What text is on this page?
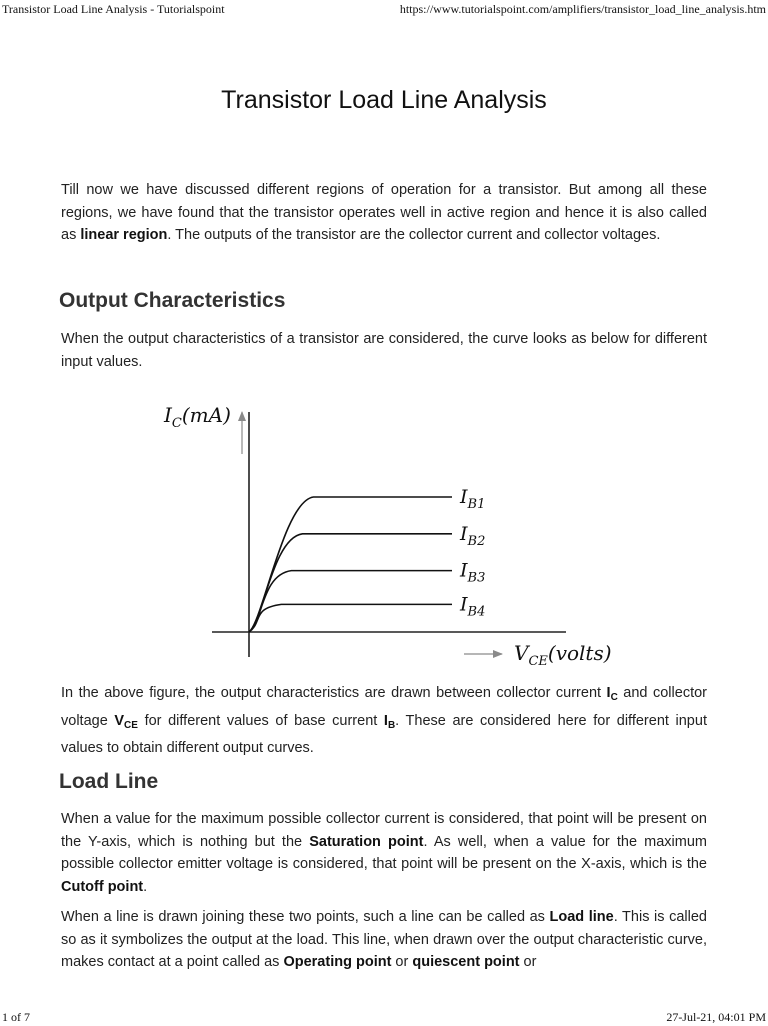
Transistor Load Line Analysis - Tutorialspoint	https://www.tutorialspoint.com/amplifiers/transistor_load_line_analysis.htm
Transistor Load Line Analysis

Till now we have discussed different regions of operation for a transistor. But among all these regions, we have found that the transistor operates well in active region and hence it is also called as linear region. The outputs of the transistor are the collector current and collector voltages.

Output Characteristics

When the output characteristics of a transistor are considered, the curve looks as below for different input values.

$I_C(mA)$
$V_{CE}(volts)$
$I_{B1}$
$I_{B2}$
$I_{B3}$
$I_{B4}$

In the above figure, the output characteristics are drawn between collector current $I_C$ and collector voltage $V_{CE}$ for different values of base current $I_B$. These are considered here for different input values to obtain different output curves.

Load Line

When a value for the maximum possible collector current is considered, that point will be present on the Y-axis, which is nothing but the Saturation point. As well, when a value for the maximum possible collector emitter voltage is considered, that point will be present on the X-axis, which is the Cutoff point.

When a line is drawn joining these two points, such a line can be called as Load line. This is called so as it symbolizes the output at the load. This line, when drawn over the output characteristic curve, makes contact at a point called as Operating point or quiescent point or

1 of 7	27-Jul-21, 04:01 PM
